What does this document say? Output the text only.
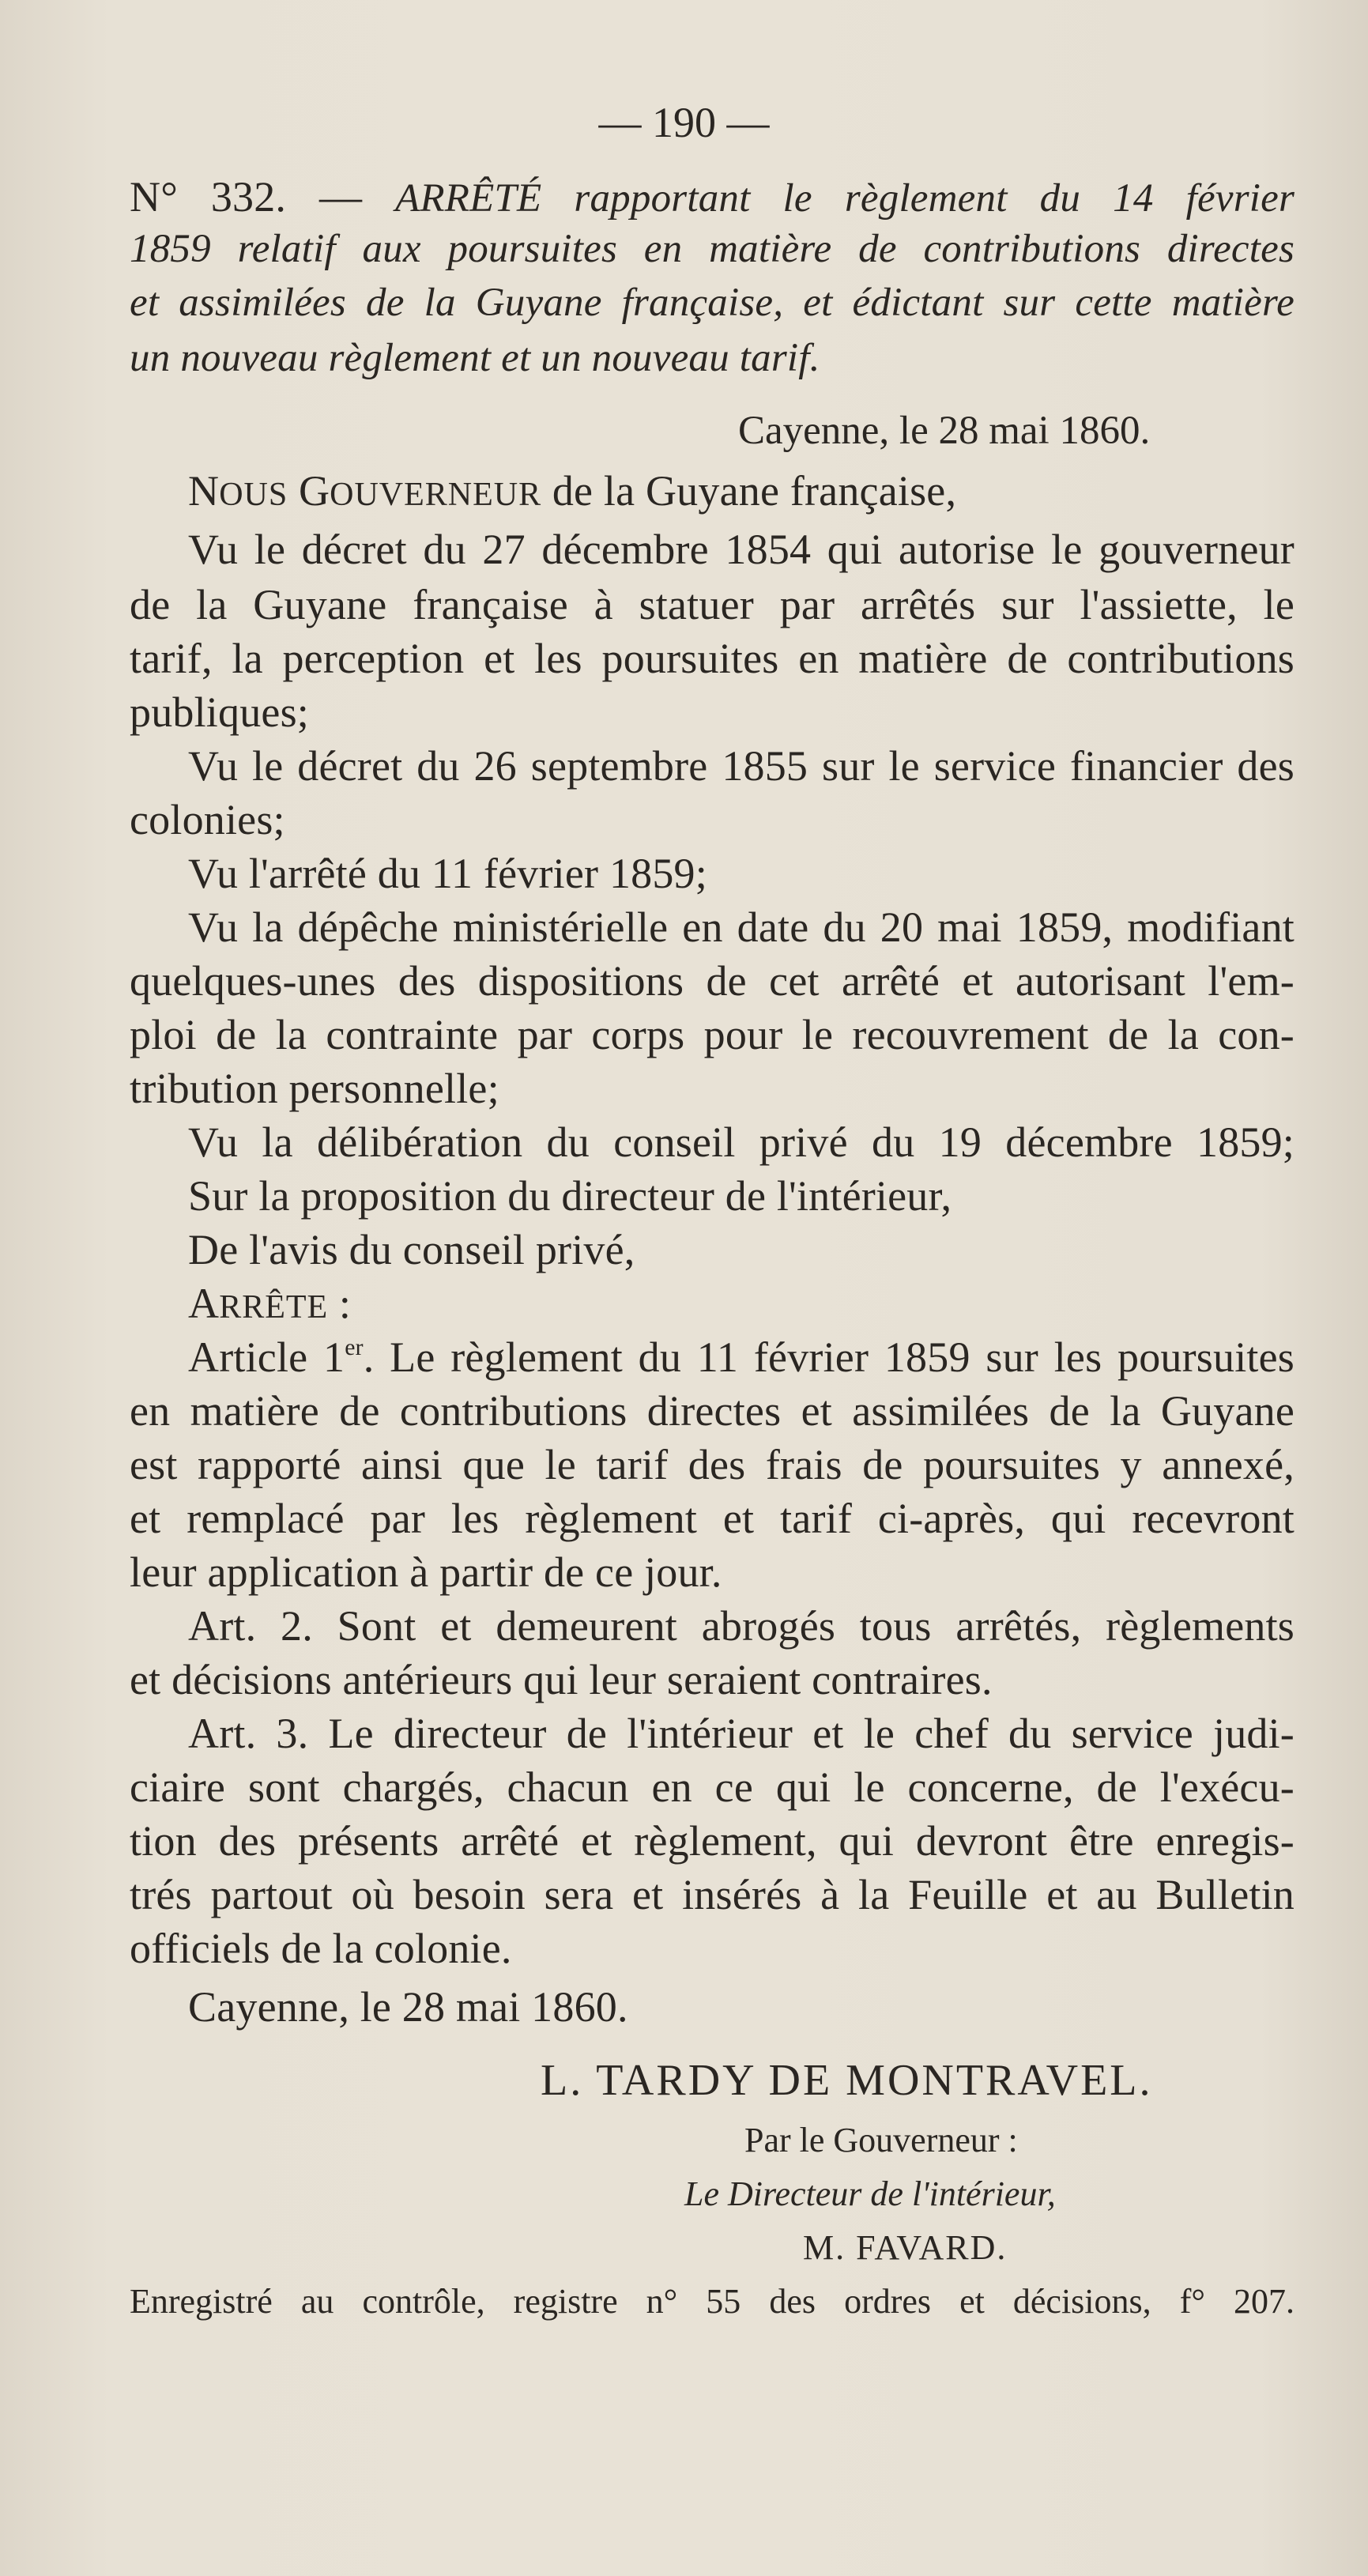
— 190 —
N° 332. — ARRÊTÉ rapportant le règlement du 14 février
1859 relatif aux poursuites en matière de contributions directes
et assimilées de la Guyane française, et édictant sur cette matière
un nouveau règlement et un nouveau tarif.
Cayenne, le 28 mai 1860.
NOUS GOUVERNEUR de la Guyane française,
Vu le décret du 27 décembre 1854 qui autorise le gouverneur
de la Guyane française à statuer par arrêtés sur l'assiette, le
tarif, la perception et les poursuites en matière de contributions
publiques;
Vu le décret du 26 septembre 1855 sur le service financier des
colonies;
Vu l'arrêté du 11 février 1859;
Vu la dépêche ministérielle en date du 20 mai 1859, modifiant
quelques-unes des dispositions de cet arrêté et autorisant l'em-
ploi de la contrainte par corps pour le recouvrement de la con-
tribution personnelle;
Vu la délibération du conseil privé du 19 décembre 1859;
Sur la proposition du directeur de l'intérieur,
De l'avis du conseil privé,
ARRÊTE :
Article 1er. Le règlement du 11 février 1859 sur les poursuites
en matière de contributions directes et assimilées de la Guyane
est rapporté ainsi que le tarif des frais de poursuites y annexé,
et remplacé par les règlement et tarif ci-après, qui recevront
leur application à partir de ce jour.
Art. 2. Sont et demeurent abrogés tous arrêtés, règlements
et décisions antérieurs qui leur seraient contraires.
Art. 3. Le directeur de l'intérieur et le chef du service judi-
ciaire sont chargés, chacun en ce qui le concerne, de l'exécu-
tion des présents arrêté et règlement, qui devront être enregis-
trés partout où besoin sera et insérés à la Feuille et au Bulletin
officiels de la colonie.
Cayenne, le 28 mai 1860.
L. TARDY DE MONTRAVEL.
Par le Gouverneur :
Le Directeur de l'intérieur,
M. FAVARD.
Enregistré au contrôle, registre n° 55 des ordres et décisions, f° 207.
